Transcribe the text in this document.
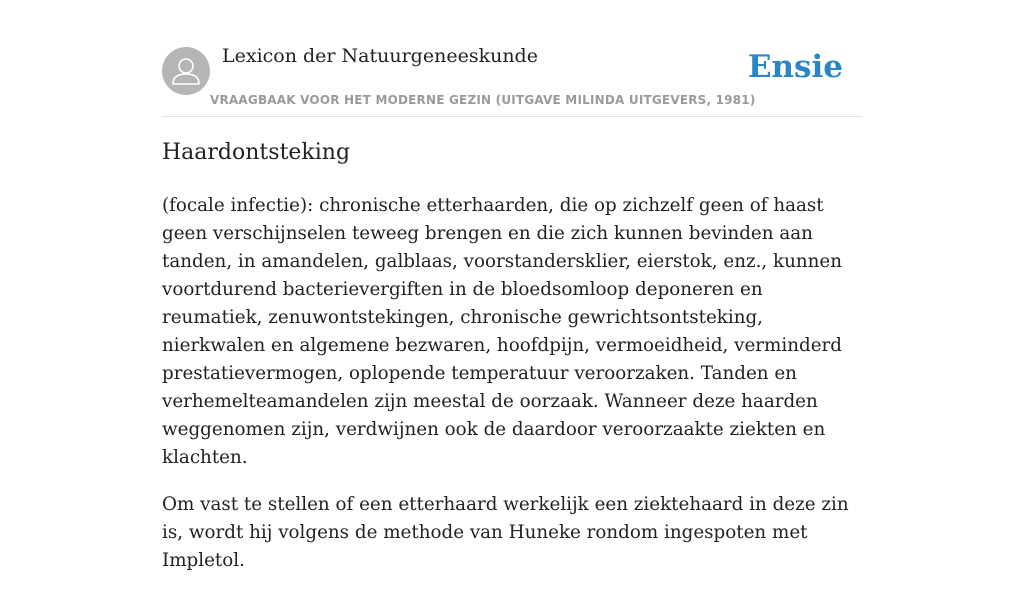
Lexicon der Natuurgeneeskunde
VRAAGBAAK VOOR HET MODERNE GEZIN (UITGAVE MILINDA UITGEVERS, 1981)
Ensie
Haardontsteking

(focale infectie): chronische etterhaarden, die op zichzelf geen of haast geen verschijnselen teweeg brengen en die zich kunnen bevinden aan tanden, in amandelen, galblaas, voorstandersklier, eierstok, enz., kunnen voortdurend bacterievergiften in de bloedsomloop deponeren en reumatiek, zenuwontstekingen, chronische gewrichtsontsteking, nierkwalen en algemene bezwaren, hoofdpijn, vermoeidheid, verminderd prestatievermogen, oplopende temperatuur veroorzaken. Tanden en verhemelteamandelen zijn meestal de oorzaak. Wanneer deze haarden weggenomen zijn, verdwijnen ook de daardoor veroorzaakte ziekten en klachten.

Om vast te stellen of een etterhaard werkelijk een ziektehaard in deze zin is, wordt hij volgens de methode van Huneke rondom ingespoten met Impletol.
